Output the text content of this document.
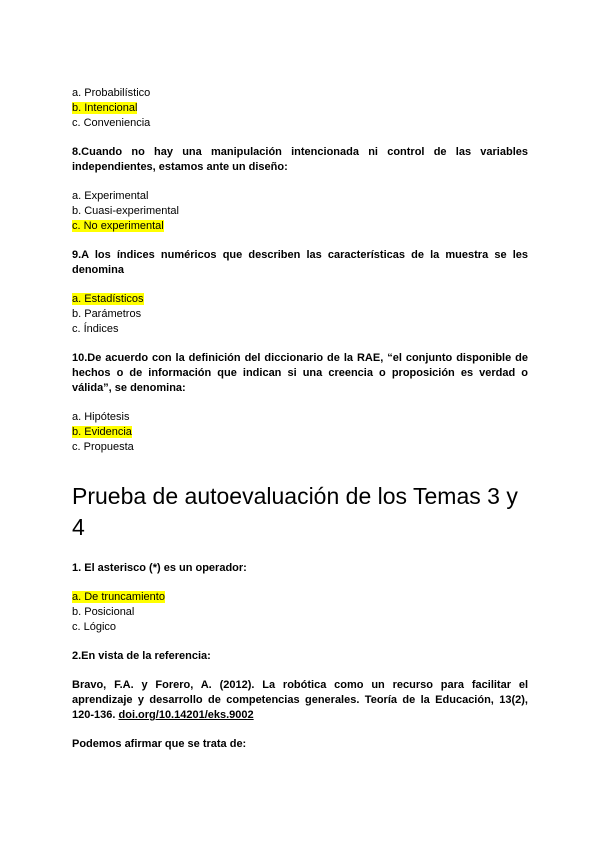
a. Probabilístico
b. Intencional
c. Conveniencia
8.Cuando no hay una manipulación intencionada ni control de las variables independientes, estamos ante un diseño:
a. Experimental
b. Cuasi-experimental
c. No experimental
9.A los índices numéricos que describen las características de la muestra se les denomina
a. Estadísticos
b. Parámetros
c. Índices
10.De acuerdo con la definición del diccionario de la RAE, “el conjunto disponible de hechos o de información que indican si una creencia o proposición es verdad o válida”, se denomina:
a. Hipótesis
b. Evidencia
c. Propuesta
Prueba de autoevaluación de los Temas 3 y 4
1. El asterisco (*) es un operador:
a. De truncamiento
b. Posicional
c. Lógico
2.En vista de la referencia:
Bravo, F.A. y Forero, A. (2012). La robótica como un recurso para facilitar el aprendizaje y desarrollo de competencias generales. Teoría de la Educación, 13(2), 120-136. doi.org/10.14201/eks.9002
Podemos afirmar que se trata de:
